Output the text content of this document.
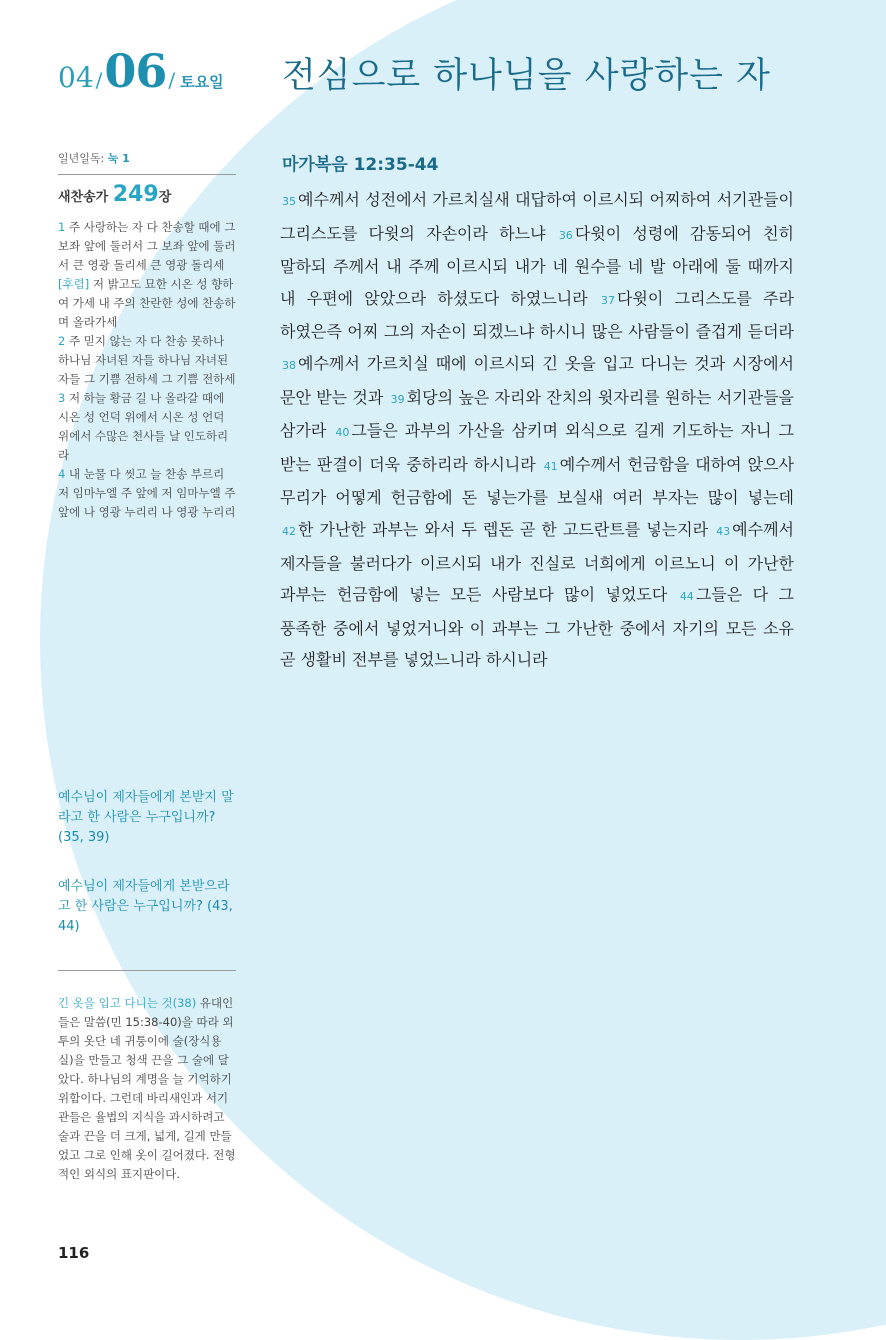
04 /06 / 토요일 전심으로 하나님을 사랑하는 자
일년일독: 눅 1
새찬송가 249장

1 주 사랑하는 자 다 찬송할 때에 그 보좌 앞에 둘러서 그 보좌 앞에 둘러서 큰 영광 돌리세 큰 영광 돌리세

[후렴] 저 밝고도 묘한 시온 성 향하여 가세 내 주의 찬란한 성에 찬송하며 올라가세

2 주 믿지 않는 자 다 찬송 못하나 하나님 자녀된 자들 하나님 자녀된 자들 그 기쁨 전하세 그 기쁨 전하세

3 저 하늘 황금 길 나 올라갈 때에 시온 성 언덕 위에서 시온 성 언덕 위에서 수많은 천사들 날 인도하리라

4 내 눈물 다 씻고 늘 찬송 부르리 저 임마누엘 주 앞에 저 임마누엘 주 앞에 나 영광 누리리 나 영광 누리리

예수님이 제자들에게 본받지 말라고 한 사람은 누구입니까? (35, 39)
예수님이 제자들에게 본받으라고 한 사람은 누구입니까? (43, 44)
긴 옷을 입고 다니는 것(38) 유대인들은 말씀(민 15:38-40)을 따라 외투의 옷단 네 귀퉁이에 술(장식용 실)을 만들고 청색 끈을 그 술에 달았다. 하나님의 계명을 늘 기억하기 위함이다. 그런데 바리새인과 서기관들은 율법의 지식을 과시하려고 술과 끈을 더 크게, 넓게, 길게 만들었고 그로 인해 옷이 길어졌다. 전형적인 외식의 표지판이다.
116
마가복음 12:35-44

35 예수께서 성전에서 가르치실새 대답하여 이르시되 어찌하여 서기관들이 그리스도를 다윗의 자손이라 하느냐 36 다윗이 성령에 감동되어 친히 말하되 주께서 내 주께 이르시되 내가 네 원수를 네 발 아래에 둘 때까지 내 우편에 앉았으라 하셨도다 하였느니라 37 다윗이 그리스도를 주라 하였은즉 어찌 그의 자손이 되겠느냐 하시니 많은 사람들이 즐겁게 듣더라 38 예수께서 가르치실 때에 이르시되 긴 옷을 입고 다니는 것과 시장에서 문안 받는 것과 39 회당의 높은 자리와 잔치의 윗자리를 원하는 서기관들을 삼가라 40 그들은 과부의 가산을 삼키며 외식으로 길게 기도하는 자니 그 받는 판결이 더욱 중하리라 하시니라 41 예수께서 헌금함을 대하여 앉으사 무리가 어떻게 헌금함에 돈 넣는가를 보실새 여러 부자는 많이 넣는데 42 한 가난한 과부는 와서 두 렙돈 곧 한 고드란트를 넣는지라 43 예수께서 제자들을 불러다가 이르시되 내가 진실로 너희에게 이르노니 이 가난한 과부는 헌금함에 넣는 모든 사람보다 많이 넣었도다 44 그들은 다 그 풍족한 중에서 넣었거니와 이 과부는 그 가난한 중에서 자기의 모든 소유 곧 생활비 전부를 넣었느니라 하시니라
